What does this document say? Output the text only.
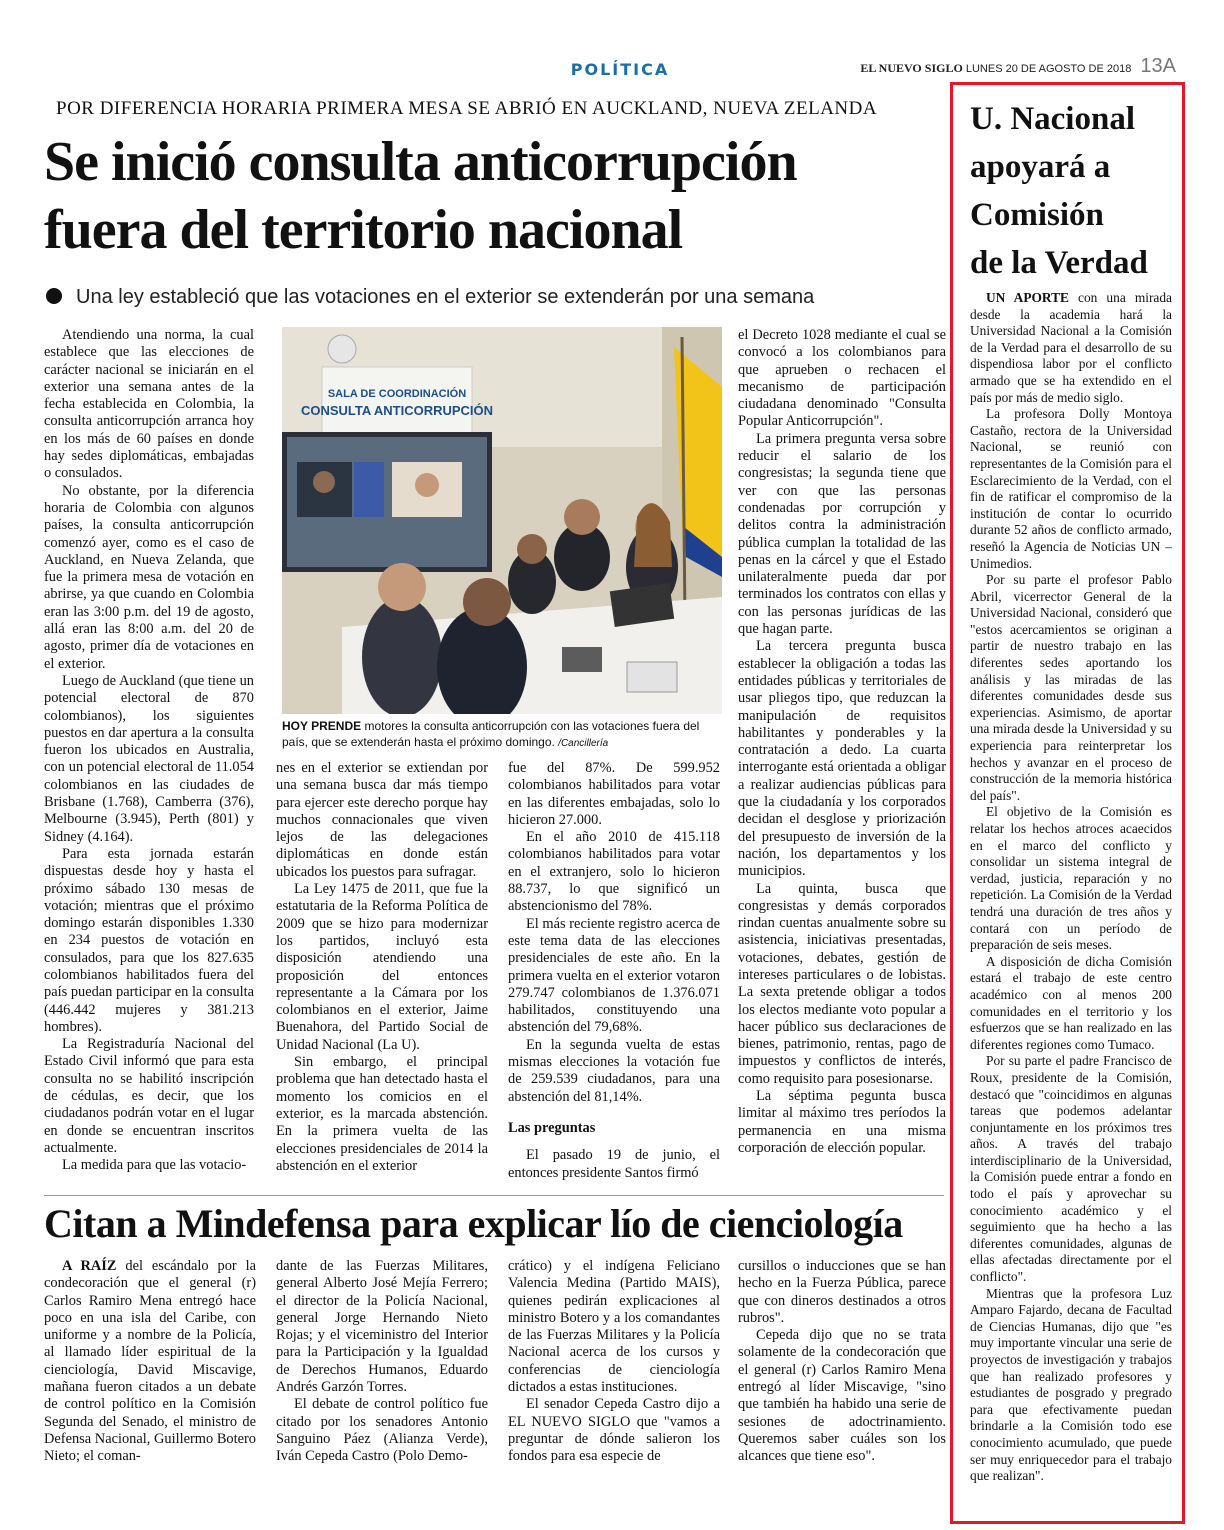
POLÍTICA	EL NUEVO SIGLO LUNES 20 DE AGOSTO DE 2018 13A
POR DIFERENCIA HORARIA PRIMERA MESA SE ABRIÓ EN AUCKLAND, NUEVA ZELANDA
Se inició consulta anticorrupción
fuera del territorio nacional
Una ley estableció que las votaciones en el exterior se extenderán por una semana

Atendiendo una norma, la cual establece que las elecciones de carácter nacional se iniciarán en el exterior una semana antes de la fecha establecida en Colombia, la consulta anticorrupción arranca hoy en los más de 60 países en donde hay sedes diplomáticas, embajadas o consulados.

No obstante, por la diferencia horaria de Colombia con algunos países, la consulta anticorrupción comenzó ayer, como es el caso de Auckland, en Nueva Zelanda, que fue la primera mesa de votación en abrirse, ya que cuando en Colombia eran las 3:00 p.m. del 19 de agosto, allá eran las 8:00 a.m. del 20 de agosto, primer día de votaciones en el exterior.

Luego de Auckland (que tiene un potencial electoral de 870 colombianos), los siguientes puestos en dar apertura a la consulta fueron los ubicados en Australia, con un potencial electoral de 11.054 colombianos en las ciudades de Brisbane (1.768), Camberra (376), Melbourne (3.945), Perth (801) y Sidney (4.164).

Para esta jornada estarán dispuestas desde hoy y hasta el próximo sábado 130 mesas de votación; mientras que el próximo domingo estarán disponibles 1.330 en 234 puestos de votación en consulados, para que los 827.635 colombianos habilitados fuera del país puedan participar en la consulta (446.442 mujeres y 381.213 hombres).

La Registraduría Nacional del Estado Civil informó que para esta consulta no se habilitó inscripción de cédulas, es decir, que los ciudadanos podrán votar en el lugar en donde se encuentran inscritos actualmente.

La medida para que las votacio-

SALA DE COORDINACIÓN
CONSULTA ANTICORRUPCIÓN
HOY PRENDE motores la consulta anticorrupción con las votaciones fuera del país, que se extenderán hasta el próximo domingo. /Cancillería

nes en el exterior se extiendan por una semana busca dar más tiempo para ejercer este derecho porque hay muchos connacionales que viven lejos de las delegaciones diplomáticas en donde están ubicados los puestos para sufragar.

La Ley 1475 de 2011, que fue la estatutaria de la Reforma Política de 2009 que se hizo para modernizar los partidos, incluyó esta disposición atendiendo una proposición del entonces representante a la Cámara por los colombianos en el exterior, Jaime Buenahora, del Partido Social de Unidad Nacional (La U).

Sin embargo, el principal problema que han detectado hasta el momento los comicios en el exterior, es la marcada abstención. En la primera vuelta de las elecciones presidenciales de 2014 la abstención en el exterior

fue del 87%. De 599.952 colombianos habilitados para votar en las diferentes embajadas, solo lo hicieron 27.000.

En el año 2010 de 415.118 colombianos habilitados para votar en el extranjero, solo lo hicieron 88.737, lo que significó un abstencionismo del 78%.

El más reciente registro acerca de este tema data de las elecciones presidenciales de este año. En la primera vuelta en el exterior votaron 279.747 colombianos de 1.376.071 habilitados, constituyendo una abstención del 79,68%.

En la segunda vuelta de estas mismas elecciones la votación fue de 259.539 ciudadanos, para una abstención del 81,14%.

Las preguntas

El pasado 19 de junio, el entonces presidente Santos firmó

el Decreto 1028 mediante el cual se convocó a los colombianos para que aprueben o rechacen el mecanismo de participación ciudadana denominado "Consulta Popular Anticorrupción".

La primera pregunta versa sobre reducir el salario de los congresistas; la segunda tiene que ver con que las personas condenadas por corrupción y delitos contra la administración pública cumplan la totalidad de las penas en la cárcel y que el Estado unilateralmente pueda dar por terminados los contratos con ellas y con las personas jurídicas de las que hagan parte.

La tercera pregunta busca establecer la obligación a todas las entidades públicas y territoriales de usar pliegos tipo, que reduzcan la manipulación de requisitos habilitantes y ponderables y la contratación a dedo. La cuarta interrogante está orientada a obligar a realizar audiencias públicas para que la ciudadanía y los corporados decidan el desglose y priorización del presupuesto de inversión de la nación, los departamentos y los municipios.

La quinta, busca que congresistas y demás corporados rindan cuentas anualmente sobre su asistencia, iniciativas presentadas, votaciones, debates, gestión de intereses particulares o de lobistas. La sexta pretende obligar a todos los electos mediante voto popular a hacer público sus declaraciones de bienes, patrimonio, rentas, pago de impuestos y conflictos de interés, como requisito para posesionarse.

La séptima pegunta busca limitar al máximo tres períodos la permanencia en una misma corporación de elección popular.

Citan a Mindefensa para explicar lío de cienciología

A RAÍZ del escándalo por la condecoración que el general (r) Carlos Ramiro Mena entregó hace poco en una isla del Caribe, con uniforme y a nombre de la Policía, al llamado líder espiritual de la cienciología, David Miscavige, mañana fueron citados a un debate de control político en la Comisión Segunda del Senado, el ministro de Defensa Nacional, Guillermo Botero Nieto; el coman-

dante de las Fuerzas Militares, general Alberto José Mejía Ferrero; el director de la Policía Nacional, general Jorge Hernando Nieto Rojas; y el viceministro del Interior para la Participación y la Igualdad de Derechos Humanos, Eduardo Andrés Garzón Torres.

El debate de control político fue citado por los senadores Antonio Sanguino Páez (Alianza Verde), Iván Cepeda Castro (Polo Demo-

crático) y el indígena Feliciano Valencia Medina (Partido MAIS), quienes pedirán explicaciones al ministro Botero y a los comandantes de las Fuerzas Militares y la Policía Nacional acerca de los cursos y conferencias de cienciología dictados a estas instituciones.

El senador Cepeda Castro dijo a EL NUEVO SIGLO que "vamos a preguntar de dónde salieron los fondos para esa especie de

cursillos o inducciones que se han hecho en la Fuerza Pública, parece que con dineros destinados a otros rubros".

Cepeda dijo que no se trata solamente de la condecoración que el general (r) Carlos Ramiro Mena entregó al líder Miscavige, "sino que también ha habido una serie de sesiones de adoctrinamiento. Queremos saber cuáles son los alcances que tiene eso".

U. Nacional
apoyará a
Comisión
de la Verdad

UN APORTE con una mirada desde la academia hará la Universidad Nacional a la Comisión de la Verdad para el desarrollo de su dispendiosa labor por el conflicto armado que se ha extendido en el país por más de medio siglo.

La profesora Dolly Montoya Castaño, rectora de la Universidad Nacional, se reunió con representantes de la Comisión para el Esclarecimiento de la Verdad, con el fin de ratificar el compromiso de la institución de contar lo ocurrido durante 52 años de conflicto armado, reseñó la Agencia de Noticias UN – Unimedios.

Por su parte el profesor Pablo Abril, vicerrector General de la Universidad Nacional, consideró que "estos acercamientos se originan a partir de nuestro trabajo en las diferentes sedes aportando los análisis y las miradas de las diferentes comunidades desde sus experiencias. Asimismo, de aportar una mirada desde la Universidad y su experiencia para reinterpretar los hechos y avanzar en el proceso de construcción de la memoria histórica del país".

El objetivo de la Comisión es relatar los hechos atroces acaecidos en el marco del conflicto y consolidar un sistema integral de verdad, justicia, reparación y no repetición. La Comisión de la Verdad tendrá una duración de tres años y contará con un período de preparación de seis meses.

A disposición de dicha Comisión estará el trabajo de este centro académico con al menos 200 comunidades en el territorio y los esfuerzos que se han realizado en las diferentes regiones como Tumaco.

Por su parte el padre Francisco de Roux, presidente de la Comisión, destacó que "coincidimos en algunas tareas que podemos adelantar conjuntamente en los próximos tres años. A través del trabajo interdisciplinario de la Universidad, la Comisión puede entrar a fondo en todo el país y aprovechar su conocimiento académico y el seguimiento que ha hecho a las diferentes comunidades, algunas de ellas afectadas directamente por el conflicto".

Mientras que la profesora Luz Amparo Fajardo, decana de Facultad de Ciencias Humanas, dijo que "es muy importante vincular una serie de proyectos de investigación y trabajos que han realizado profesores y estudiantes de posgrado y pregrado para que efectivamente puedan brindarle a la Comisión todo ese conocimiento acumulado, que puede ser muy enriquecedor para el trabajo que realizan".
